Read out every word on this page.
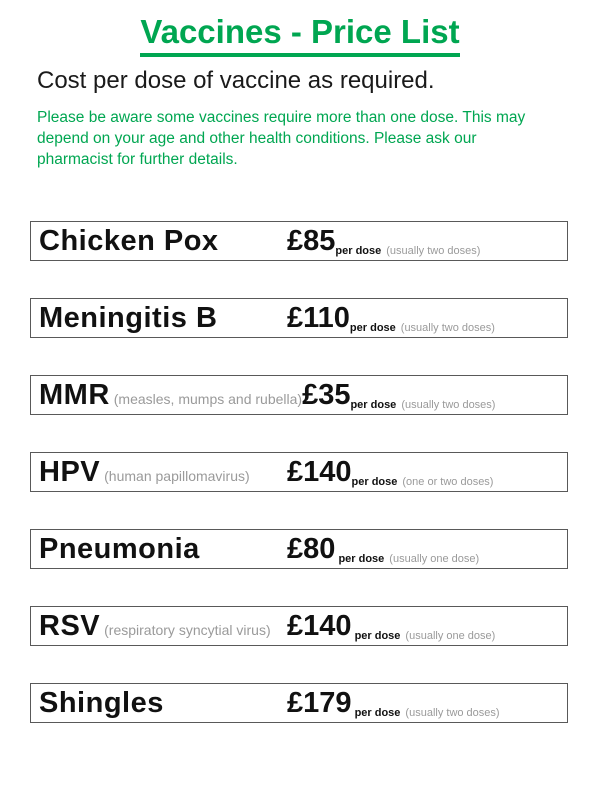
Vaccines - Price List
Cost per dose of vaccine as required.
Please be aware some vaccines require more than one dose. This may depend on your age and other health conditions. Please ask our pharmacist for further details.
Chicken Pox	$£85_{per dose}$ $_{(usually two doses)}$
Meningitis B	$£110_{per dose}$ $_{(usually two doses)}$
MMR (measles, mumps and rubella) $£35_{per dose}$ $_{(usually two doses)}$
HPV (human papillomavirus)	$£140_{per dose}$ $_{(one or two doses)}$
Pneumonia	£80 $_{per dose}$ $_{(usually one dose)}$
RSV (respiratory syncytial virus) £140 $_{per dose}$ $_{(usually one dose)}$
Shingles	£179 $_{per dose}$ $_{(usually two doses)}$
